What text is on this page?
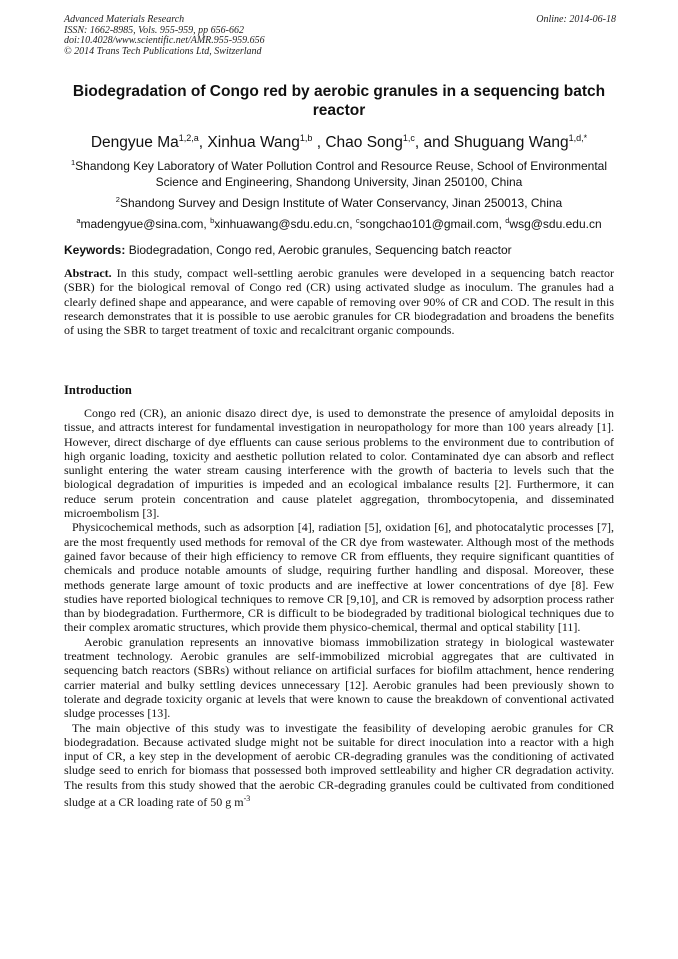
Advanced Materials Research
ISSN: 1662-8985, Vols. 955-959, pp 656-662
doi:10.4028/www.scientific.net/AMR.955-959.656
© 2014 Trans Tech Publications Ltd, Switzerland
Online: 2014-06-18
Biodegradation of Congo red by aerobic granules in a sequencing batch reactor
Dengyue Ma$^{1,2,a}$, Xinhua Wang$^{1,b}$ , Chao Song$^{1,c}$, and Shuguang Wang$^{1,d,*}$
$^1$Shandong Key Laboratory of Water Pollution Control and Resource Reuse, School of Environmental Science and Engineering, Shandong University, Jinan 250100, China
$^2$Shandong Survey and Design Institute of Water Conservancy, Jinan 250013, China
$^a$madengyue@sina.com, $^b$xinhuawang@sdu.edu.cn, $^c$songchao101@gmail.com, $^d$wsg@sdu.edu.cn
Keywords: Biodegradation, Congo red, Aerobic granules, Sequencing batch reactor
Abstract. In this study, compact well-settling aerobic granules were developed in a sequencing batch reactor (SBR) for the biological removal of Congo red (CR) using activated sludge as inoculum. The granules had a clearly defined shape and appearance, and were capable of removing over 90% of CR and COD. The result in this research demonstrates that it is possible to use aerobic granules for CR biodegradation and broadens the benefits of using the SBR to target treatment of toxic and recalcitrant organic compounds.
Introduction

Congo red (CR), an anionic disazo direct dye, is used to demonstrate the presence of amyloidal deposits in tissue, and attracts interest for fundamental investigation in neuropathology for more than 100 years already [1]. However, direct discharge of dye effluents can cause serious problems to the environment due to contribution of high organic loading, toxicity and aesthetic pollution related to color. Contaminated dye can absorb and reflect sunlight entering the water stream causing interference with the growth of bacteria to levels such that the biological degradation of impurities is impeded and an ecological imbalance results [2]. Furthermore, it can reduce serum protein concentration and cause platelet aggregation, thrombocytopenia, and disseminated microembolism [3].

Physicochemical methods, such as adsorption [4], radiation [5], oxidation [6], and photocatalytic processes [7], are the most frequently used methods for removal of the CR dye from wastewater. Although most of the methods gained favor because of their high efficiency to remove CR from effluents, they require significant quantities of chemicals and produce notable amounts of sludge, requiring further handling and disposal. Moreover, these methods generate large amount of toxic products and are ineffective at lower concentrations of dye [8]. Few studies have reported biological techniques to remove CR [9,10], and CR is removed by adsorption process rather than by biodegradation. Furthermore, CR is difficult to be biodegraded by traditional biological techniques due to their complex aromatic structures, which provide them physico-chemical, thermal and optical stability [11].

Aerobic granulation represents an innovative biomass immobilization strategy in biological wastewater treatment technology. Aerobic granules are self-immobilized microbial aggregates that are cultivated in sequencing batch reactors (SBRs) without reliance on artificial surfaces for biofilm attachment, hence rendering carrier material and bulky settling devices unnecessary [12]. Aerobic granules had been previously shown to tolerate and degrade toxicity organic at levels that were known to cause the breakdown of conventional activated sludge processes [13].

The main objective of this study was to investigate the feasibility of developing aerobic granules for CR biodegradation. Because activated sludge might not be suitable for direct inoculation into a reactor with a high input of CR, a key step in the development of aerobic CR-degrading granules was the conditioning of activated sludge seed to enrich for biomass that possessed both improved settleability and higher CR degradation activity. The results from this study showed that the aerobic CR-degrading granules could be cultivated from conditioned sludge at a CR loading rate of 50 g $m^{-3}$
